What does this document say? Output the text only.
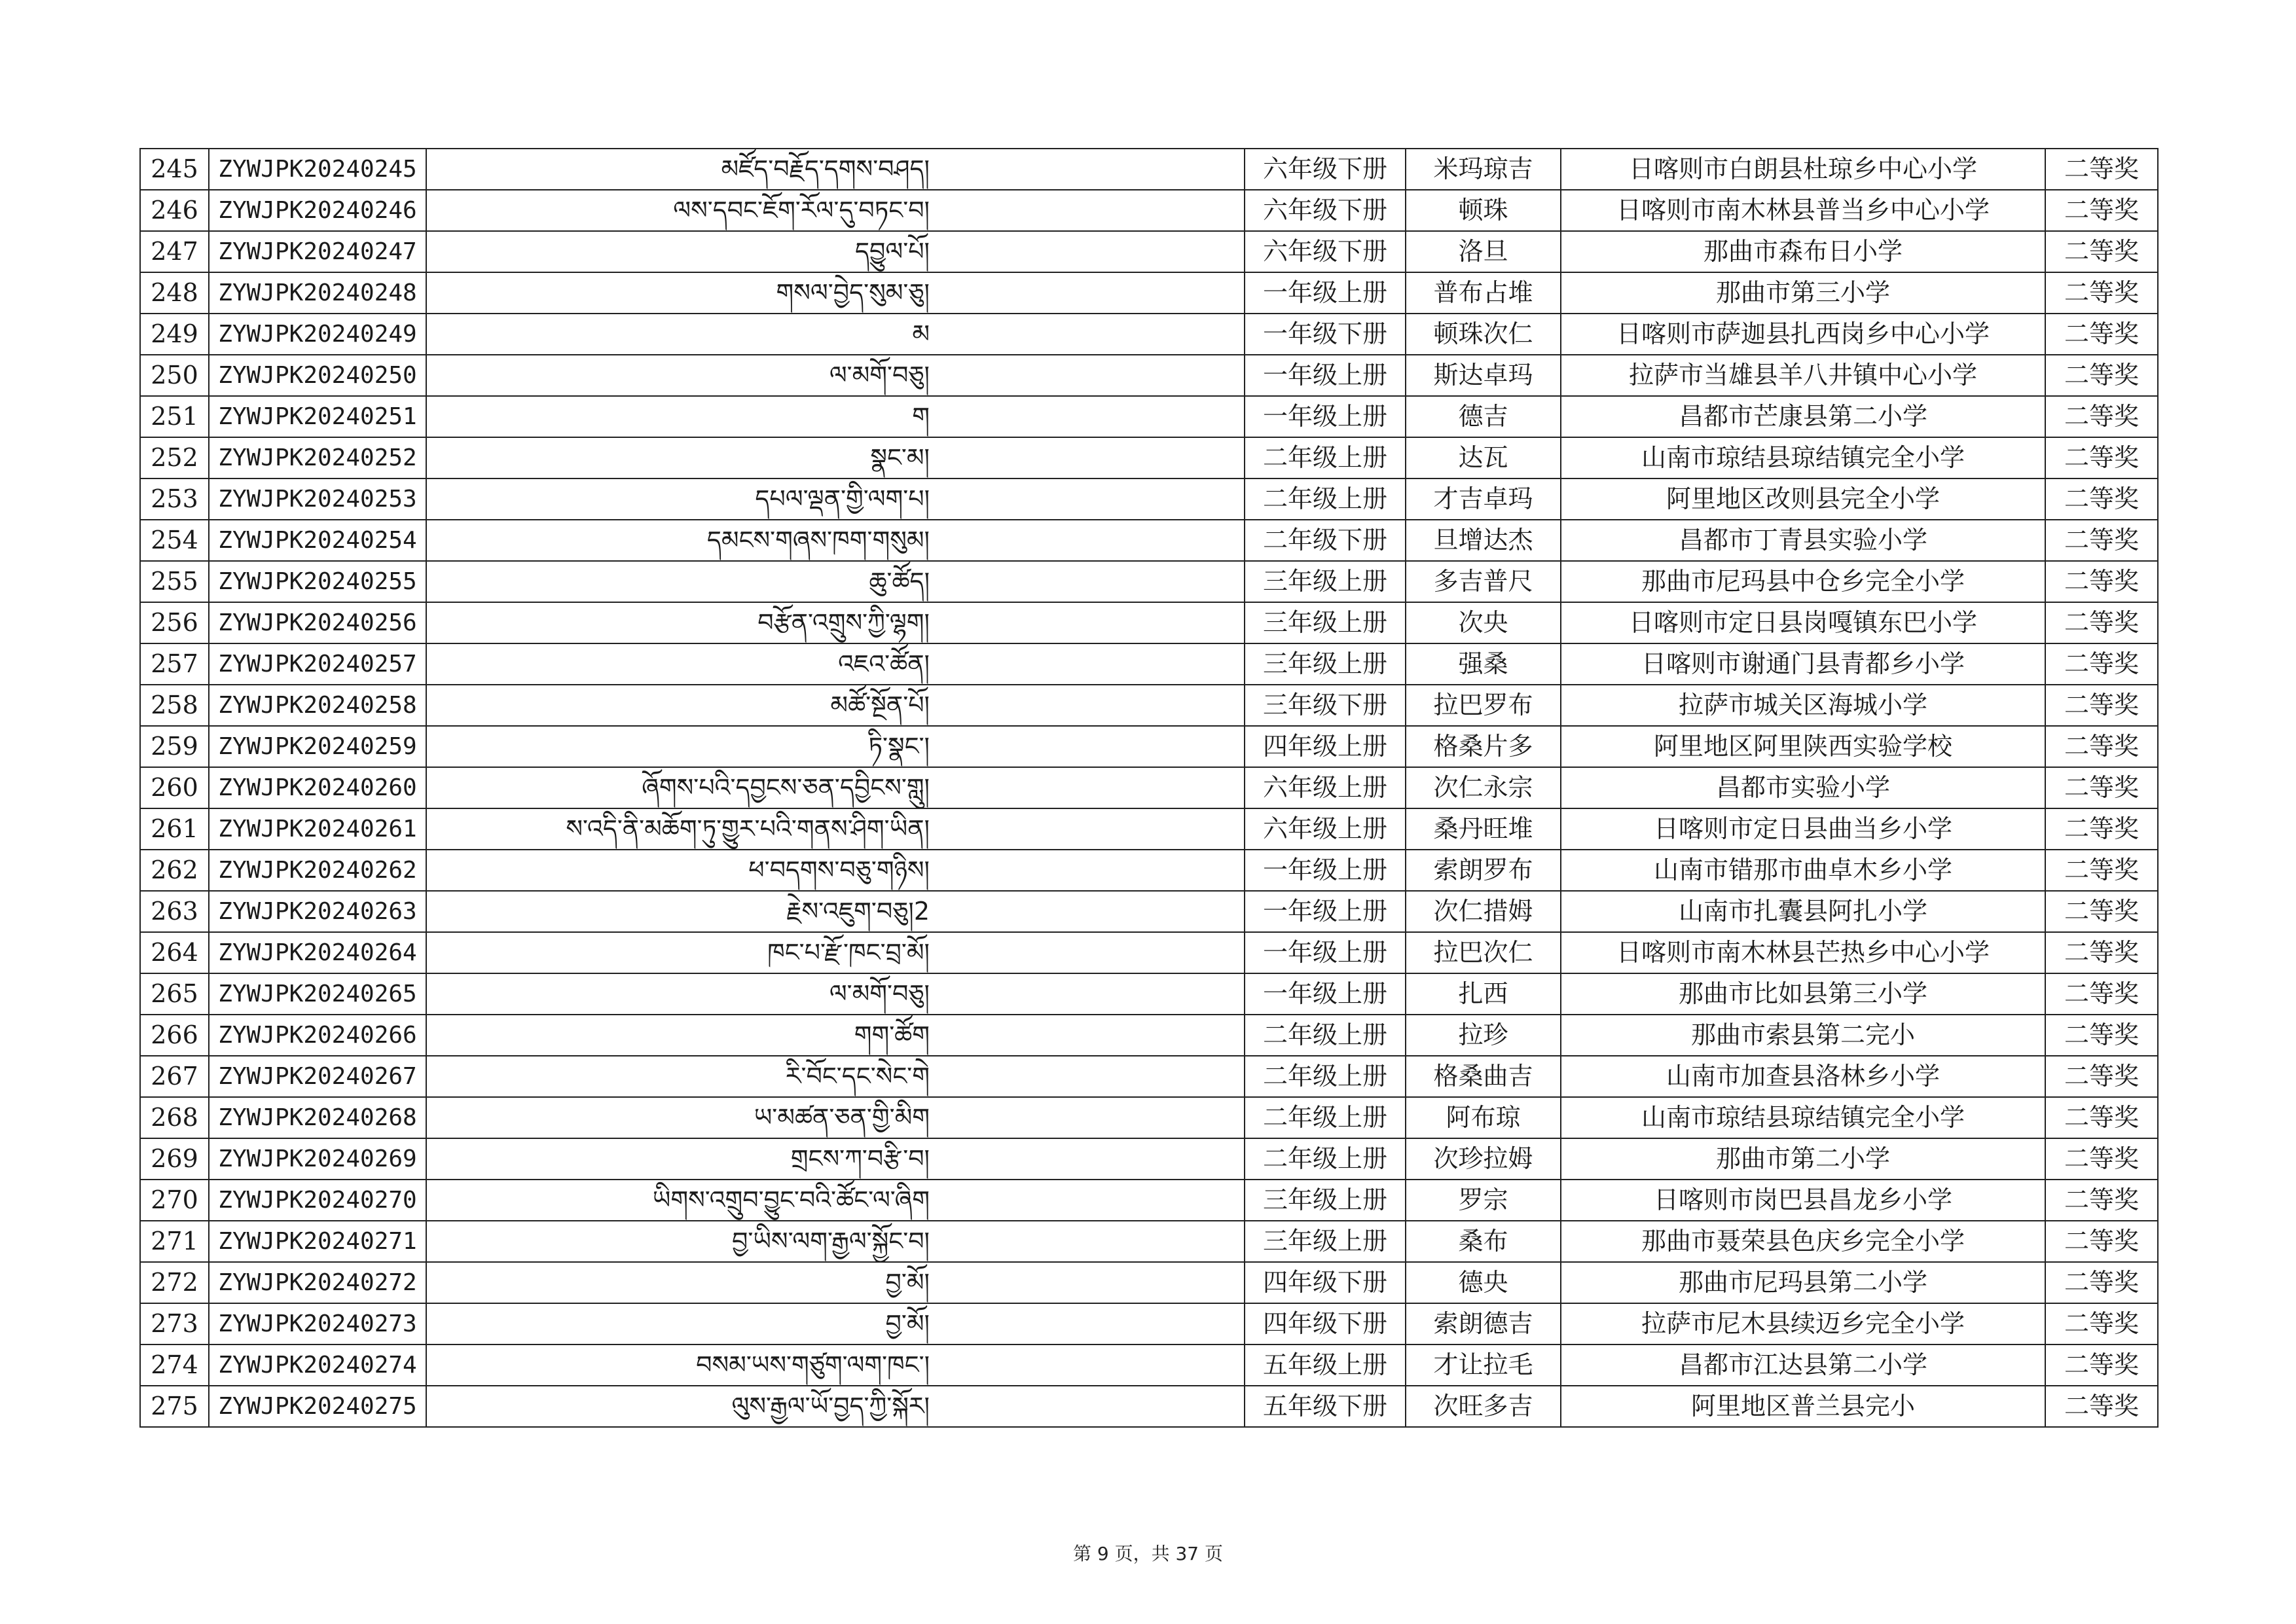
245	ZYWJPK20240245	མཛོད་བརྗོད་དགས་བཤད།	六年级下册	米玛琼吉	日喀则市白朗县杜琼乡中心小学	二等奖
246	ZYWJPK20240246	ལས་དབང་ཇོག་རོལ་དུ་བཏང་བ།	六年级下册	顿珠	日喀则市南木林县普当乡中心小学	二等奖
247	ZYWJPK20240247	དབྱུལ་པོ།	六年级下册	洛旦	那曲市森布日小学	二等奖
248	ZYWJPK20240248	གསལ་བྱེད་སུམ་ཅུ།	一年级上册	普布占堆	那曲市第三小学	二等奖
249	ZYWJPK20240249	མ	一年级下册	顿珠次仁	日喀则市萨迦县扎西岗乡中心小学	二等奖
250	ZYWJPK20240250	ལ་མགོ་བཅུ།	一年级上册	斯达卓玛	拉萨市当雄县羊八井镇中心小学	二等奖
251	ZYWJPK20240251	ག	一年级上册	德吉	昌都市芒康县第二小学	二等奖
252	ZYWJPK20240252	སྣང་མ།	二年级上册	达瓦	山南市琼结县琼结镇完全小学	二等奖
253	ZYWJPK20240253	དཔལ་ལྡན་གྱི་ལག་པ།	二年级上册	才吉卓玛	阿里地区改则县完全小学	二等奖
254	ZYWJPK20240254	དམངས་གཞས་ཁག་གསུམ།	二年级下册	旦增达杰	昌都市丁青县实验小学	二等奖
255	ZYWJPK20240255	ཆུ་ཚོད།	三年级上册	多吉普尺	那曲市尼玛县中仓乡完全小学	二等奖
256	ZYWJPK20240256	བརྩོན་འགྲུས་ཀྱི་ལྷག།	三年级上册	次央	日喀则市定日县岗嘎镇东巴小学	二等奖
257	ZYWJPK20240257	འཇའ་ཚོན།	三年级上册	强桑	日喀则市谢通门县青都乡小学	二等奖
258	ZYWJPK20240258	མཚོ་སྔོན་པོ།	三年级下册	拉巴罗布	拉萨市城关区海城小学	二等奖
259	ZYWJPK20240259	ཏི་སྣང་།	四年级上册	格桑片多	阿里地区阿里陕西实验学校	二等奖
260	ZYWJPK20240260	ཞོགས་པའི་དབྱངས་ཅན་དབྱིངས་གླུ།	六年级上册	次仁永宗	昌都市实验小学	二等奖
261	ZYWJPK20240261	ས་འདི་ནི་མཆོག་ཏུ་གྱུར་པའི་གནས་ཤིག་ཡིན།	六年级上册	桑丹旺堆	日喀则市定日县曲当乡小学	二等奖
262	ZYWJPK20240262	ཕ་བདགས་བཅུ་གཉིས།	一年级上册	索朗罗布	山南市错那市曲卓木乡小学	二等奖
263	ZYWJPK20240263	རྗེས་འཇུག་བཅུ།2	一年级上册	次仁措姆	山南市扎囊县阿扎小学	二等奖
264	ZYWJPK20240264	ཁང་པ་རྫོ་ཁང་བྲ་མོ།	一年级上册	拉巴次仁	日喀则市南木林县芒热乡中心小学	二等奖
265	ZYWJPK20240265	ལ་མགོ་བཅུ།	一年级上册	扎西	那曲市比如县第三小学	二等奖
266	ZYWJPK20240266	གག་ཚོག	二年级上册	拉珍	那曲市索县第二完小	二等奖
267	ZYWJPK20240267	རི་བོང་དང་སེང་གེ	二年级上册	格桑曲吉	山南市加查县洛林乡小学	二等奖
268	ZYWJPK20240268	ཡ་མཚན་ཅན་གྱི་མིག	二年级上册	阿布琼	山南市琼结县琼结镇完全小学	二等奖
269	ZYWJPK20240269	གྲངས་ཀ་བརྩི་བ།	二年级上册	次珍拉姆	那曲市第二小学	二等奖
270	ZYWJPK20240270	ཡིགས་འགྲུབ་བྱུང་བའི་ཚོང་ལ་ཞིག	三年级上册	罗宗	日喀则市岗巴县昌龙乡小学	二等奖
271	ZYWJPK20240271	བྱ་ཡིས་ལག་རྒྱལ་སྐྱོང་བ།	三年级上册	桑布	那曲市聂荣县色庆乡完全小学	二等奖
272	ZYWJPK20240272	བྱ་མོ།	四年级下册	德央	那曲市尼玛县第二小学	二等奖
273	ZYWJPK20240273	བྱ་མོ།	四年级下册	索朗德吉	拉萨市尼木县续迈乡完全小学	二等奖
274	ZYWJPK20240274	བསམ་ཡས་གཙུག་ལག་ཁང་།	五年级上册	才让拉毛	昌都市江达县第二小学	二等奖
275	ZYWJPK20240275	ལུས་རྒྱལ་ཡོ་བྱད་ཀྱི་སྐོར།	五年级下册	次旺多吉	阿里地区普兰县完小	二等奖
第 9 页，共 37 页
